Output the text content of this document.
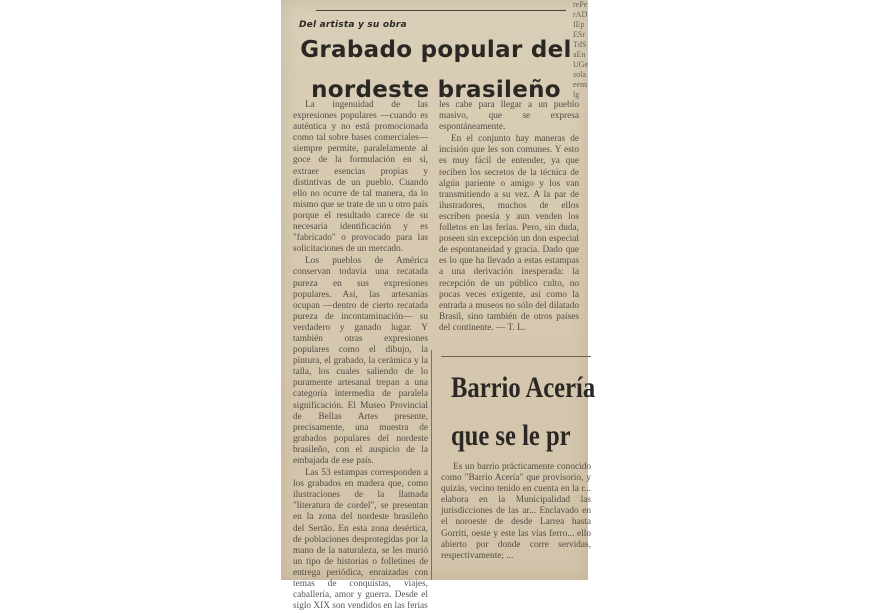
Del artista y su obra
Grabado popular del
nordeste brasileño

La ingenuidad de las expresiones populares —cuando es auténtica y no está promocionada como tal sobre bases comerciales— siempre permite, paralelamente al goce de la formulación en sí, extraer esencias propias y distintivas de un pueblo. Cuando ello no ocurre de tal manera, da lo mismo que se trate de un u otro país porque el resultado carece de su necesaria identificación y es "fabricado" o provocado para las solicitaciones de un mercado.

Los pueblos de América conservan todavía una recatada pureza en sus expresiones populares. Así, las artesanías ocupan —dentro de cierto recatada pureza de incontaminación— su verdadero y ganado lugar. Y también otras expresiones populares como el dibujo, la pintura, el grabado, la cerámica y la talla, los cuales saliendo de lo puramente artesanal trepan a una categoría intermedia de paralela significación. El Museo Provincial de Bellas Artes presente, precisamente, una muestra de grabados populares del nordeste brasileño, con el auspicio de la embajada de ese país.

Las 53 estampas corresponden a los grabados en madera que, como ilustraciones de la llamada "literatura de cordel", se presentan en la zona del nordeste brasileño del Sertão. En esta zona desértica, de poblaciones desprotegidas por la mano de la naturaleza, se les murió un tipo de historias o folletines de entrega periódica, enraizadas con temas de conquistas, viajes, caballería, amor y guerra. Desde el siglo XIX son vendidos en las ferias

les cabe para llegar a un pueblo masivo, que se expresa espontáneamente.

En el conjunto hay maneras de incisión que les son comunes. Y esto es muy fácil de entender, ya que reciben los secretos de la técnica de algún pariente o amigo y los van transmitiendo a su vez. A la par de ilustradores, muchos de ellos escriben poesía y aun venden los folletos en las ferias. Pero, sin duda, poseen sin excepción un don especial de espontaneidad y gracia. Dado que es lo que ha llevado a estas estampas a una derivación inesperada: la recepción de un público culto, no pocas veces exigente, así como la entrada a museos no sólo del dilatado Brasil, sino también de otros países del continente. — T. L.

Barrio Acería
que se le pr

Es un barrio prácticamente conocido como "Barrio Acería" que provisorio, y quizás, vecino tenido en cuenta en la r... elabora en la Municipalidad las jurisdicciones de las ar... Enclavado en el noroeste de desde Larrea hasta Gorriti, oeste y este las vías ferro... ello abierto por donde corre servidas, respectivamente; ...

rePerADIEpESrTdSaEnUGesolaeenslg
